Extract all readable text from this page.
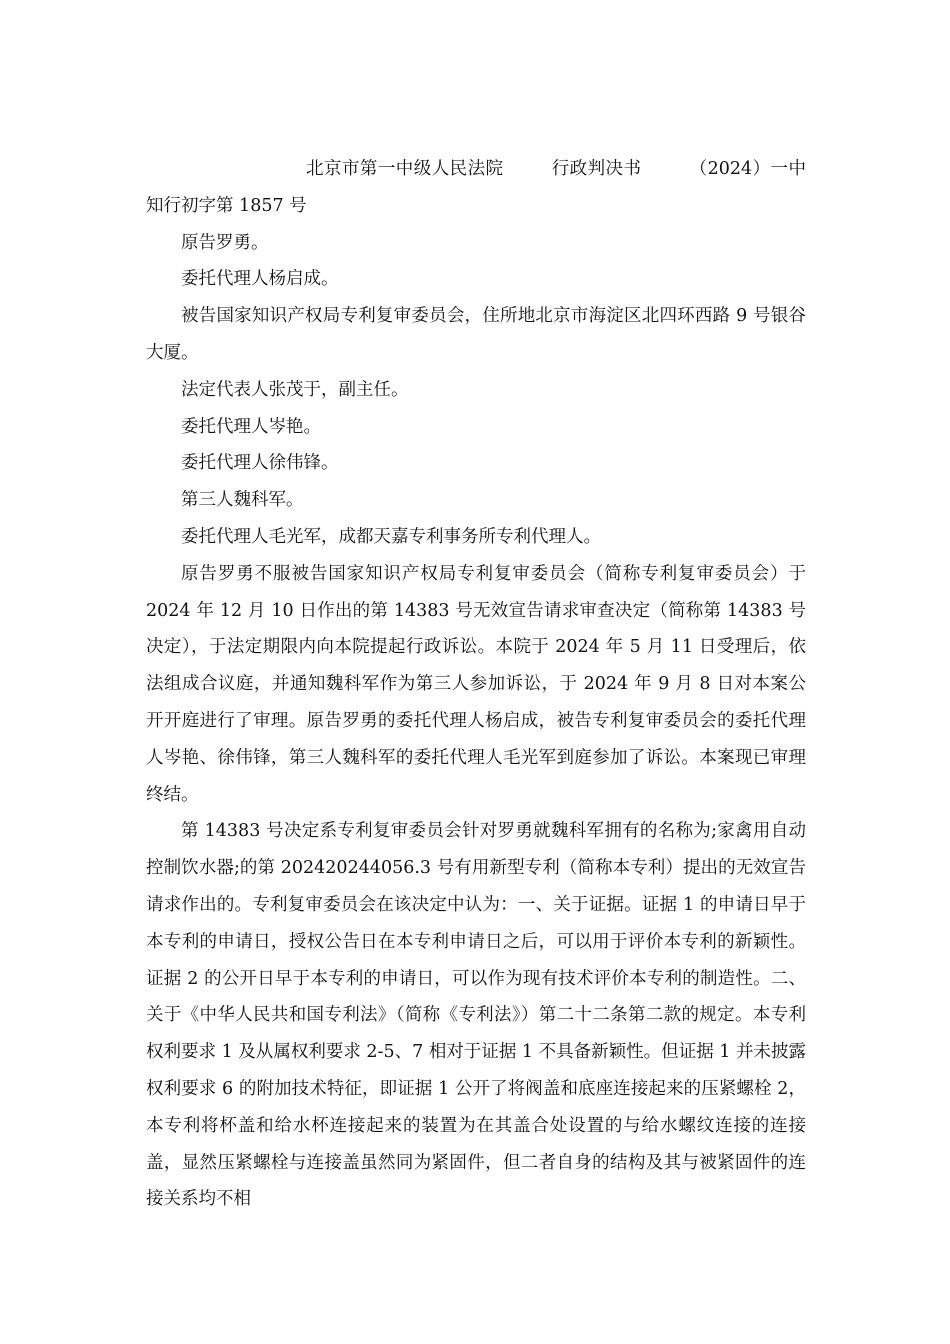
北京市第一中级人民法院	行政判决书	（2024）一中知行初字第 1857 号

原告罗勇。

委托代理人杨启成。

被告国家知识产权局专利复审委员会，住所地北京市海淀区北四环西路 9 号银谷大厦。

法定代表人张茂于，副主任。

委托代理人岑艳。

委托代理人徐伟锋。

第三人魏科军。

委托代理人毛光军，成都天嘉专利事务所专利代理人。

原告罗勇不服被告国家知识产权局专利复审委员会（简称专利复审委员会）于 2024 年 12 月 10 日作出的第 14383 号无效宣告请求审查决定（简称第 14383 号决定），于法定期限内向本院提起行政诉讼。本院于 2024 年 5 月 11 日受理后，依法组成合议庭，并通知魏科军作为第三人参加诉讼，于 2024 年 9 月 8 日对本案公开开庭进行了审理。原告罗勇的委托代理人杨启成，被告专利复审委员会的委托代理人岑艳、徐伟锋，第三人魏科军的委托代理人毛光军到庭参加了诉讼。本案现已审理终结。

第 14383 号决定系专利复审委员会针对罗勇就魏科军拥有的名称为;家禽用自动控制饮水器;的第 202420244056.3 号有用新型专利（简称本专利）提出的无效宣告请求作出的。专利复审委员会在该决定中认为：一、关于证据。证据 1 的申请日早于本专利的申请日，授权公告日在本专利申请日之后，可以用于评价本专利的新颖性。证据 2 的公开日早于本专利的申请日，可以作为现有技术评价本专利的制造性。二、关于《中华人民共和国专利法》（简称《专利法》）第二十二条第二款的规定。本专利权利要求 1 及从属权利要求 2-5、7 相对于证据 1 不具备新颖性。但证据 1 并未披露权利要求 6 的附加技术特征，即证据 1 公开了将阀盖和底座连接起来的压紧螺栓 2，本专利将杯盖和给水杯连接起来的装置为在其盖合处设置的与给水螺纹连接的连接盖，显然压紧螺栓与连接盖虽然同为紧固件，但二者自身的结构及其与被紧固件的连接关系均不相
